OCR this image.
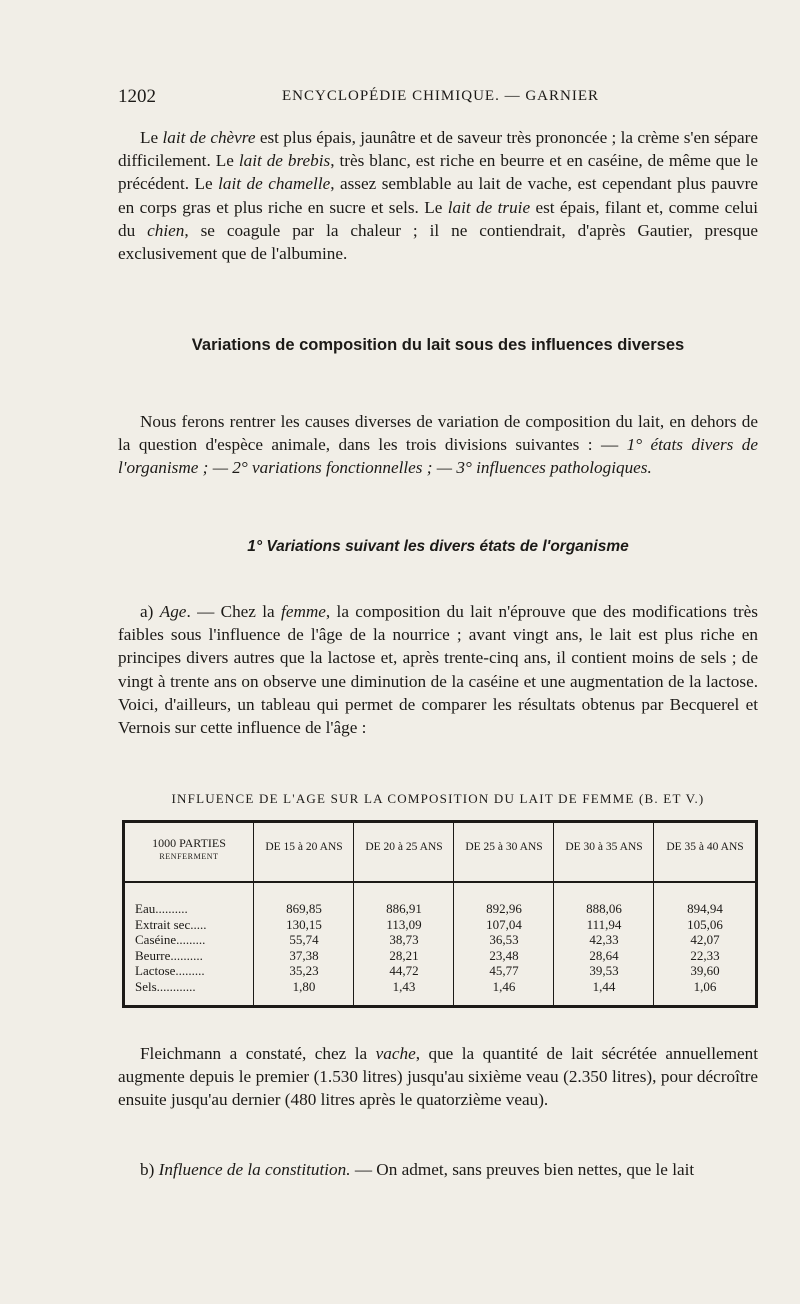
1202	ENCYCLOPÉDIE CHIMIQUE. — GARNIER

Le lait de chèvre est plus épais, jaunâtre et de saveur très prononcée ; la crème s'en sépare difficilement. Le lait de brebis, très blanc, est riche en beurre et en caséine, de même que le précédent. Le lait de chamelle, assez semblable au lait de vache, est cependant plus pauvre en corps gras et plus riche en sucre et sels. Le lait de truie est épais, filant et, comme celui du chien, se coagule par la chaleur ; il ne contiendrait, d'après Gautier, presque exclusivement que de l'albumine.

Variations de composition du lait sous des influences diverses

Nous ferons rentrer les causes diverses de variation de composition du lait, en dehors de la question d'espèce animale, dans les trois divisions suivantes : — 1° états divers de l'organisme ; — 2° variations fonctionnelles ; — 3° influences pathologiques.

1° Variations suivant les divers états de l'organisme

a) Age. — Chez la femme, la composition du lait n'éprouve que des modifications très faibles sous l'influence de l'âge de la nourrice ; avant vingt ans, le lait est plus riche en principes divers autres que la lactose et, après trente-cinq ans, il contient moins de sels ; de vingt à trente ans on observe une diminution de la caséine et une augmentation de la lactose. Voici, d'ailleurs, un tableau qui permet de comparer les résultats obtenus par Becquerel et Vernois sur cette influence de l'âge :

INFLUENCE DE L'AGE SUR LA COMPOSITION DU LAIT DE FEMME (B. ET V.)
1000 PARTIES
RENFERMENT
Eau..........
Extrait sec.....
Caséine.........
Beurre..........
Lactose.........
Sels............
DE 15 à 20 ANS
869,85
130,15
55,74
37,38
35,23
1,80
DE 20 à 25 ANS
886,91
113,09
38,73
28,21
44,72
1,43
DE 25 à 30 ANS
892,96
107,04
36,53
23,48
45,77
1,46
DE 30 à 35 ANS
888,06
111,94
42,33
28,64
39,53
1,44
DE 35 à 40 ANS
894,94
105,06
42,07
22,33
39,60
1,06

Fleichmann a constaté, chez la vache, que la quantité de lait sécrétée annuellement augmente depuis le premier (1.530 litres) jusqu'au sixième veau (2.350 litres), pour décroître ensuite jusqu'au dernier (480 litres après le quatorzième veau).

b) Influence de la constitution. — On admet, sans preuves bien nettes, que le lait
